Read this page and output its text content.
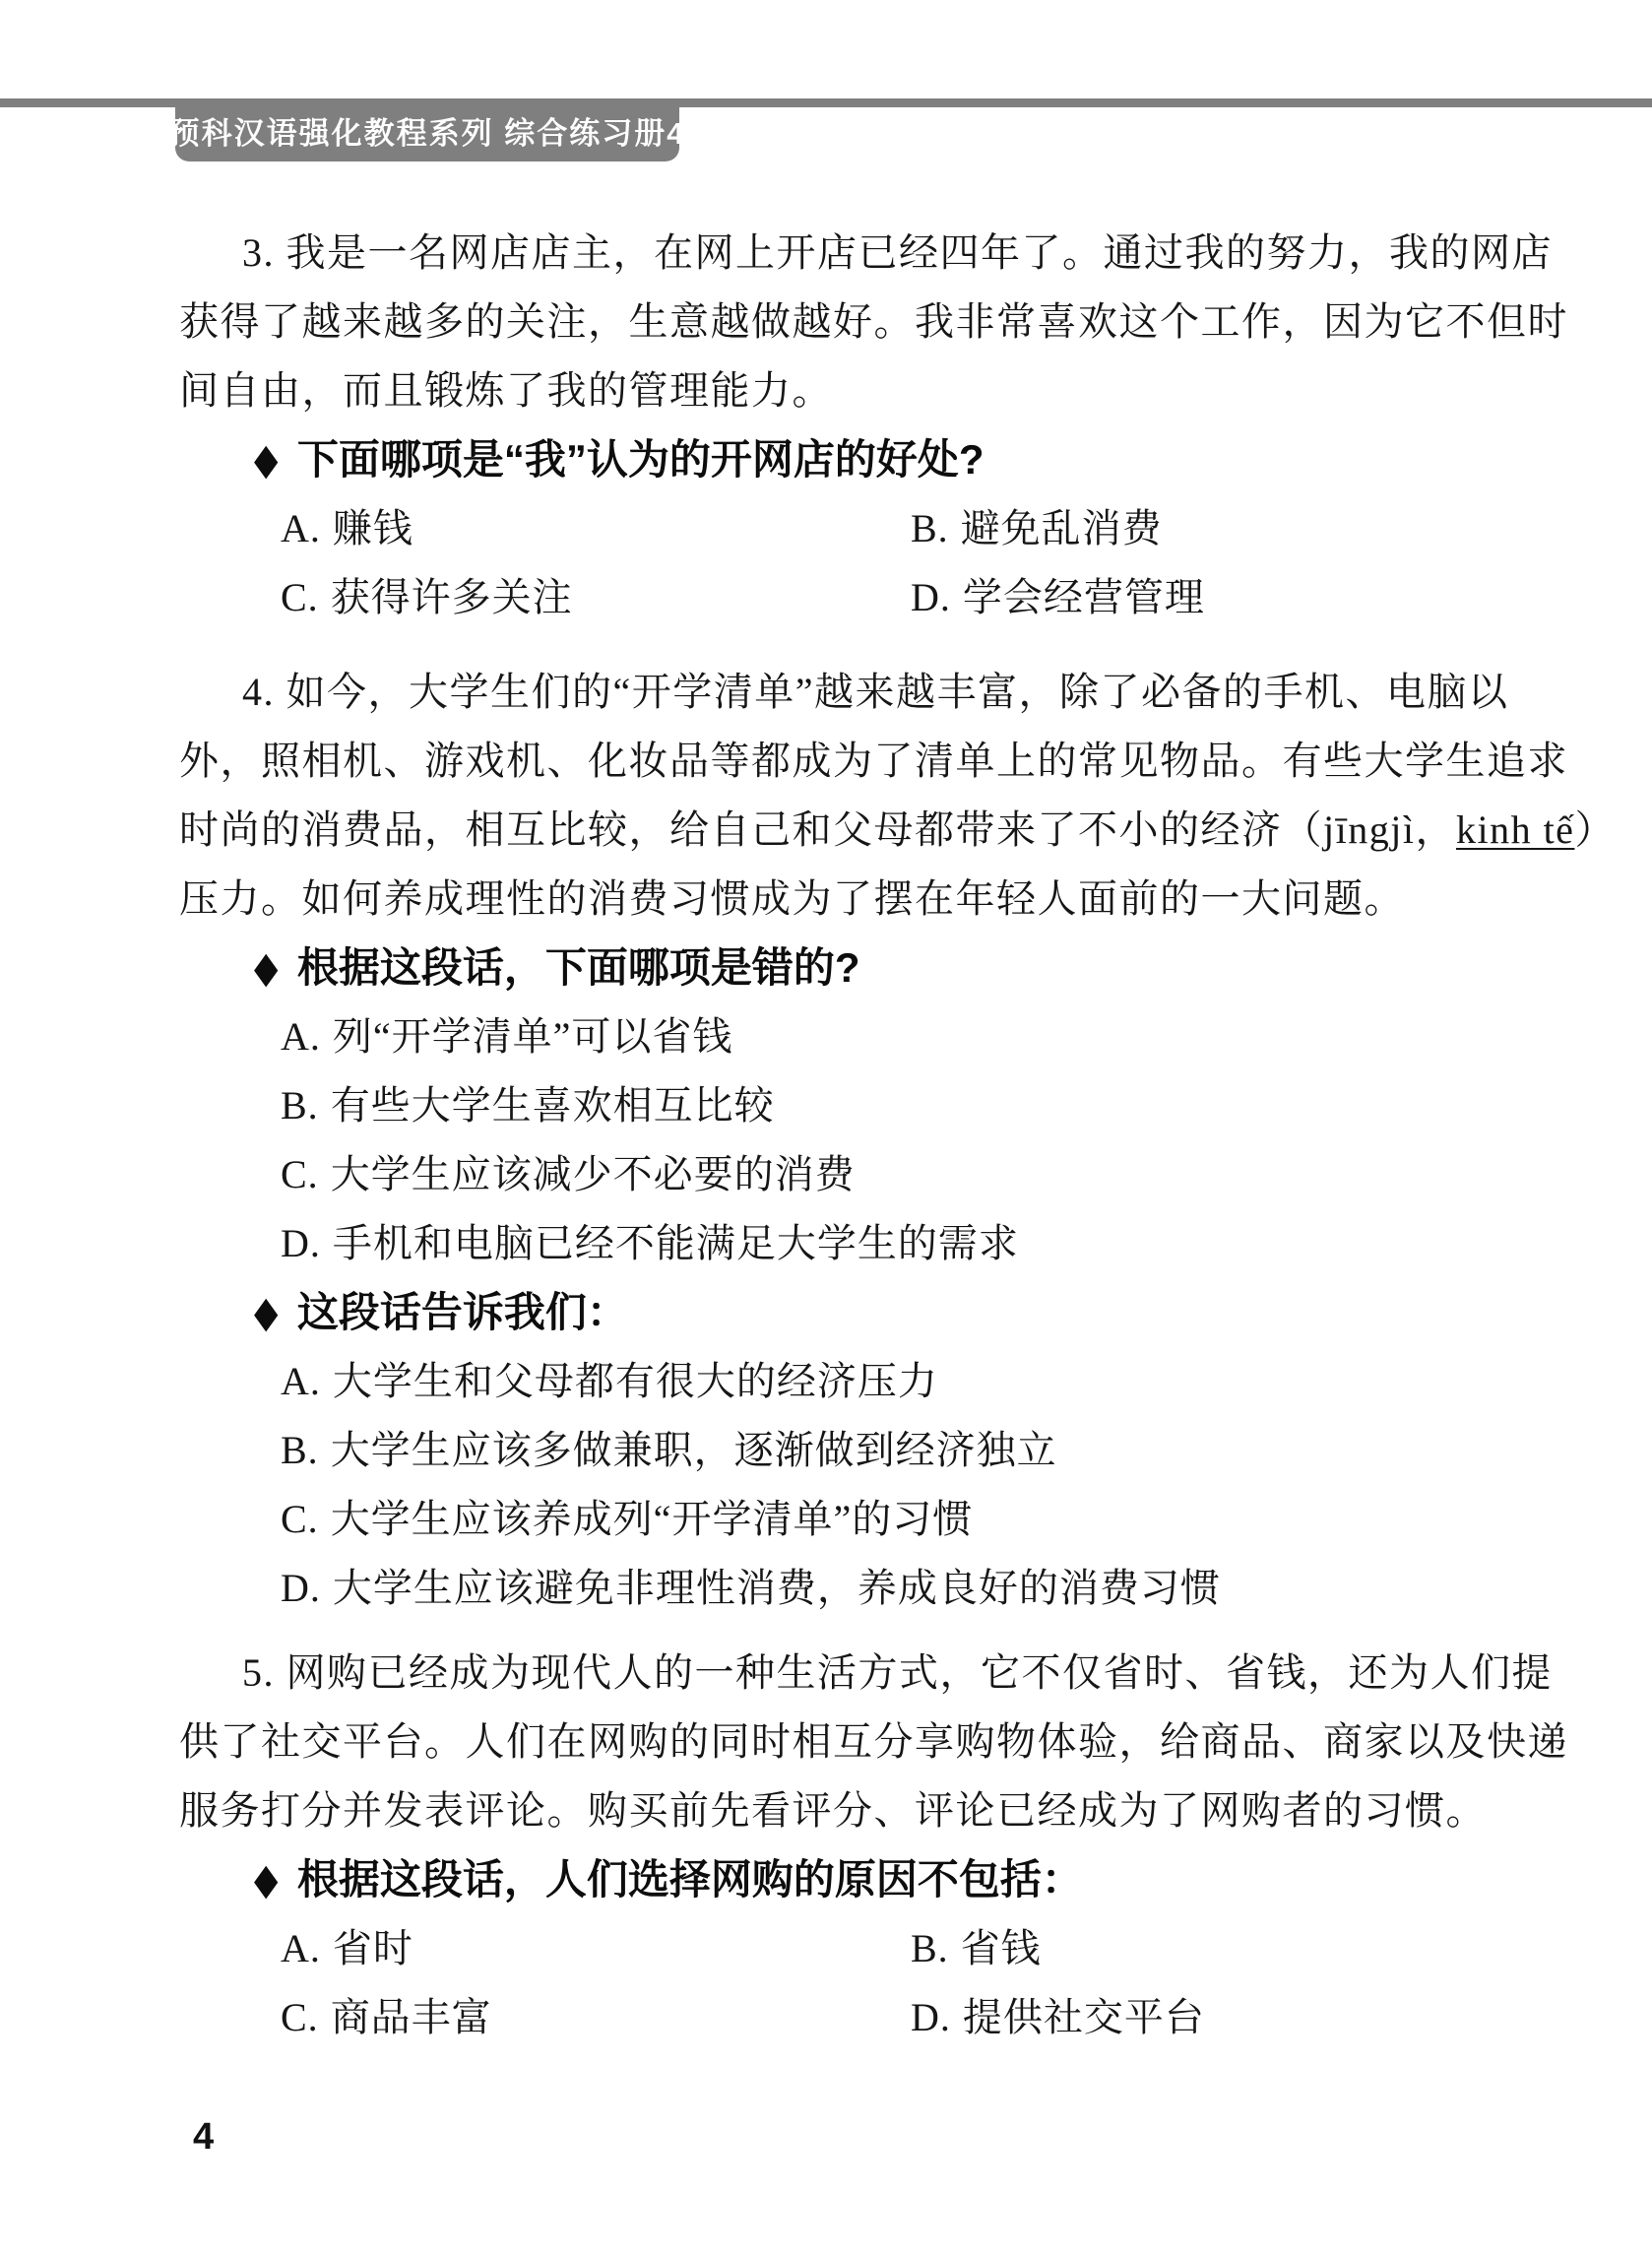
预科汉语强化教程系列 综合练习册4
3. 我是一名网店店主，在网上开店已经四年了。通过我的努力，我的网店
获得了越来越多的关注，生意越做越好。我非常喜欢这个工作，因为它不但时
间自由，而且锻炼了我的管理能力。
◆ 下面哪项是“我”认为的开网店的好处?
A. 赚钱	B. 避免乱消费
C. 获得许多关注	D. 学会经营管理
4. 如今，大学生们的“开学清单”越来越丰富，除了必备的手机、电脑以
外，照相机、游戏机、化妆品等都成为了清单上的常见物品。有些大学生追求
时尚的消费品，相互比较，给自己和父母都带来了不小的经济（jīngjì，kinh tế）
压力。如何养成理性的消费习惯成为了摆在年轻人面前的一大问题。
◆ 根据这段话，下面哪项是错的?
A. 列“开学清单”可以省钱
B. 有些大学生喜欢相互比较
C. 大学生应该减少不必要的消费
D. 手机和电脑已经不能满足大学生的需求
◆ 这段话告诉我们：
A. 大学生和父母都有很大的经济压力
B. 大学生应该多做兼职，逐渐做到经济独立
C. 大学生应该养成列“开学清单”的习惯
D. 大学生应该避免非理性消费，养成良好的消费习惯
5. 网购已经成为现代人的一种生活方式，它不仅省时、省钱，还为人们提
供了社交平台。人们在网购的同时相互分享购物体验，给商品、商家以及快递
服务打分并发表评论。购买前先看评分、评论已经成为了网购者的习惯。
◆ 根据这段话，人们选择网购的原因不包括：
A. 省时	B. 省钱
C. 商品丰富	D. 提供社交平台
4
